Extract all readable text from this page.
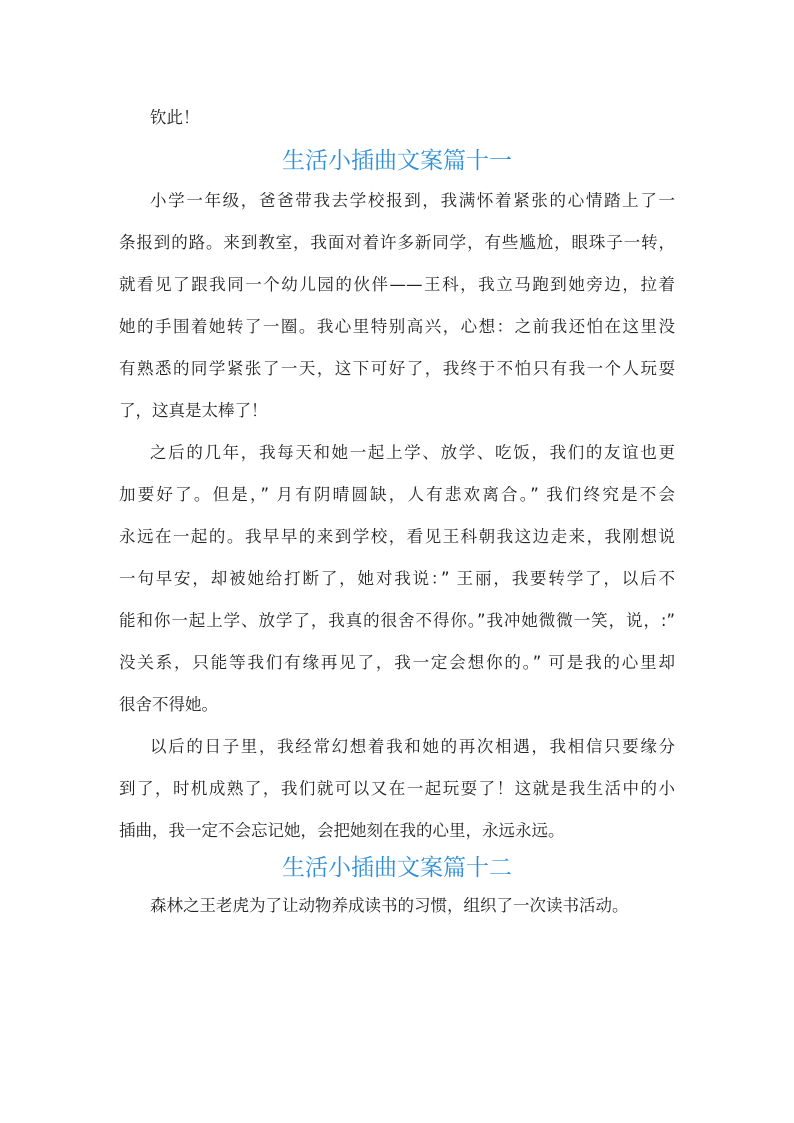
钦此！

生活小插曲文案篇十一

小学一年级，爸爸带我去学校报到，我满怀着紧张的心情踏上了一

条报到的路。来到教室，我面对着许多新同学，有些尴尬，眼珠子一转，

就看见了跟我同一个幼儿园的伙伴——王科，我立马跑到她旁边，拉着

她的手围着她转了一圈。我心里特别高兴，心想：之前我还怕在这里没

有熟悉的同学紧张了一天，这下可好了，我终于不怕只有我一个人玩耍

了，这真是太棒了！

之后的几年，我每天和她一起上学、放学、吃饭，我们的友谊也更

加要好了。但是，” 月有阴晴圆缺，人有悲欢离合。” 我们终究是不会

永远在一起的。我早早的来到学校，看见王科朝我这边走来，我刚想说

一句早安，却被她给打断了，她对我说：” 王丽，我要转学了，以后不

能和你一起上学、放学了，我真的很舍不得你。”我冲她微微一笑，说，:”

没关系，只能等我们有缘再见了，我一定会想你的。” 可是我的心里却

很舍不得她。

以后的日子里，我经常幻想着我和她的再次相遇，我相信只要缘分

到了，时机成熟了，我们就可以又在一起玩耍了！这就是我生活中的小

插曲，我一定不会忘记她，会把她刻在我的心里，永远永远。

生活小插曲文案篇十二

森林之王老虎为了让动物养成读书的习惯，组织了一次读书活动。
